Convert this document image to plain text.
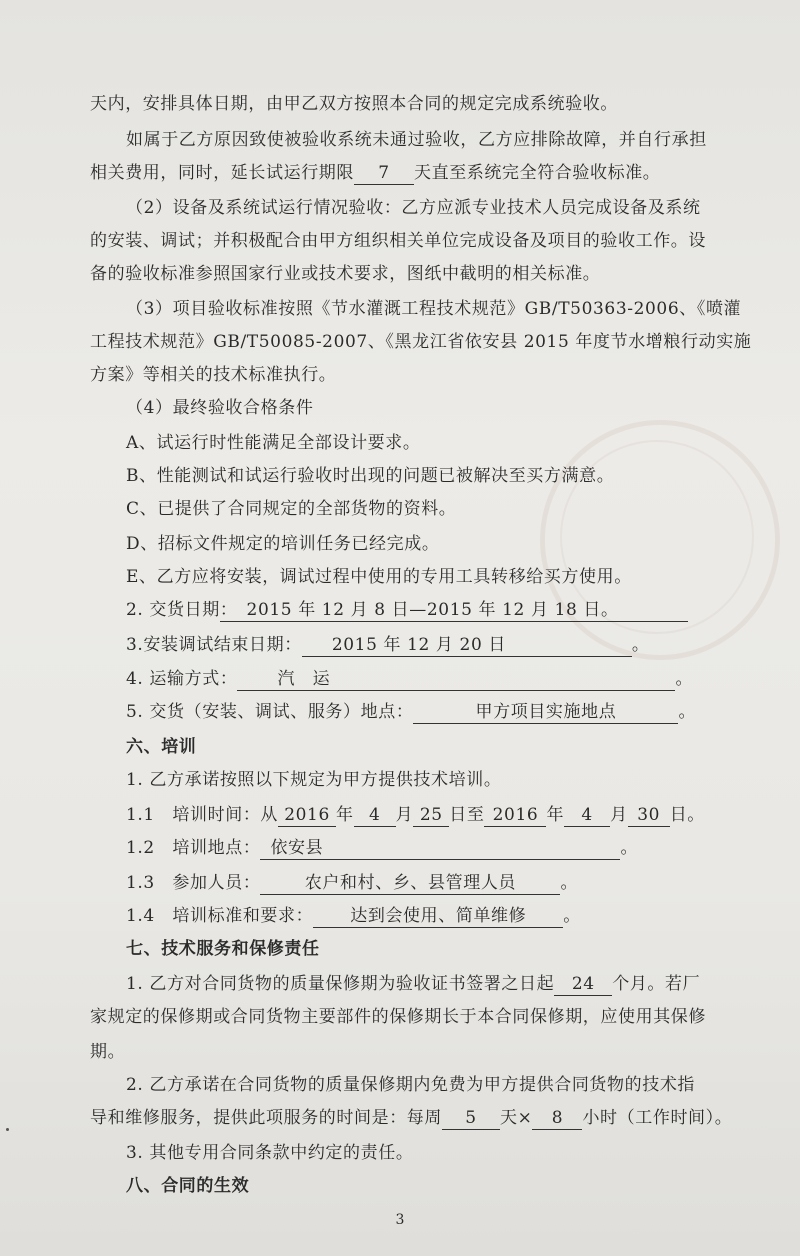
天内，安排具体日期，由甲乙双方按照本合同的规定完成系统验收。
如属于乙方原因致使被验收系统未通过验收，乙方应排除故障，并自行承担
相关费用，同时，延长试运行期限 7 天直至系统完全符合验收标准。
（2）设备及系统试运行情况验收：乙方应派专业技术人员完成设备及系统
的安装、调试；并积极配合由甲方组织相关单位完成设备及项目的验收工作。设
备的验收标准参照国家行业或技术要求，图纸中截明的相关标准。
（3）项目验收标准按照《节水灌溉工程技术规范》GB/T50363-2006、《喷灌
工程技术规范》GB/T50085-2007、《黑龙江省依安县 2015 年度节水增粮行动实施
方案》等相关的技术标准执行。
（4）最终验收合格条件
A、试运行时性能满足全部设计要求。
B、性能测试和试运行验收时出现的问题已被解决至买方满意。
C、已提供了合同规定的全部货物的资料。
D、招标文件规定的培训任务已经完成。
E、乙方应将安装，调试过程中使用的专用工具转移给买方使用。
2. 交货日期：　2015 年 12 月 8 日—2015 年 12 月 18 日。
3.安装调试结束日期： 2015 年 12 月 20 日	。
4. 运输方式： 汽　运	。
5. 交货（安装、调试、服务）地点：	甲方项目实施地点	。
六、培训
1. 乙方承诺按照以下规定为甲方提供技术培训。
1.1　培训时间：从 2016 年 4 月 25 日至 2016 年 4 月 30 日。
1.2　培训地点： 依安县	。
1.3　参加人员：	农户和村、乡、县管理人员	。
1.4　培训标准和要求： 达到会使用、简单维修 。
七、技术服务和保修责任
1. 乙方对合同货物的质量保修期为验收证书签署之日起 24 个月。若厂
家规定的保修期或合同货物主要部件的保修期长于本合同保修期，应使用其保修
期。
2. 乙方承诺在合同货物的质量保修期内免费为甲方提供合同货物的技术指
导和维修服务，提供此项服务的时间是：每周 5 天× 8 小时（工作时间）。
3. 其他专用合同条款中约定的责任。
八、合同的生效
3
